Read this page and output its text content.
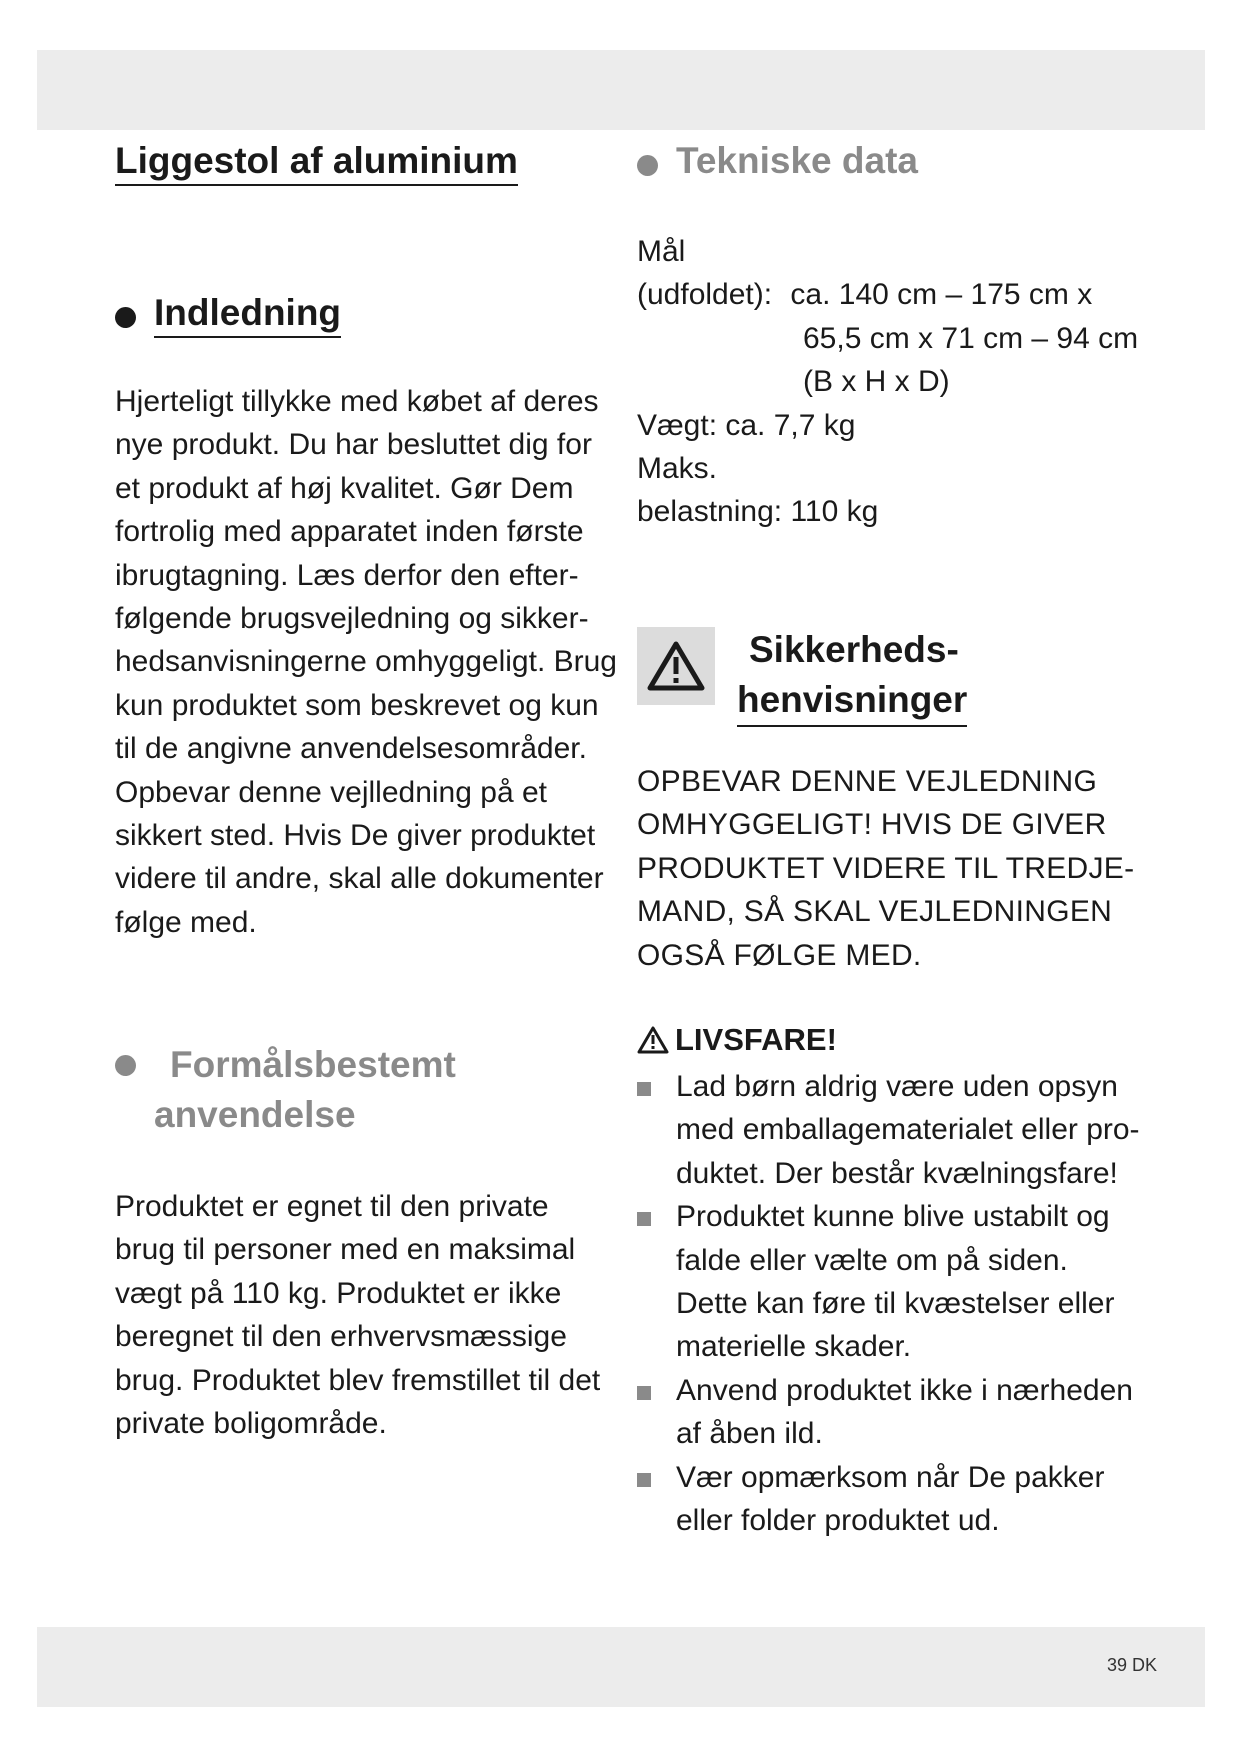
Liggestol af aluminium
Indledning

Hjerteligt tillykke med købet af deres
nye produkt. Du har besluttet dig for
et produkt af høj kvalitet. Gør Dem
fortrolig med apparatet inden første
ibrugtagning. Læs derfor den efter-
følgende brugsvejledning og sikker-
hedsanvisningerne omhyggeligt. Brug
kun produktet som beskrevet og kun
til de angivne anvendelsesområder.
Opbevar denne vejlledning på et
sikkert sted. Hvis De giver produktet
videre til andre, skal alle dokumenter
følge med.

Formålsbestemt
anvendelse

Produktet er egnet til den private
brug til personer med en maksimal
vægt på 110 kg. Produktet er ikke
beregnet til den erhvervsmæssige
brug. Produktet blev fremstillet til det
private boligområde.

Tekniske data
Mål
(udfoldet): ca. 140 cm – 175 cm x
65,5 cm x 71 cm – 94 cm
(B x H x D)
Vægt: ca. 7,7 kg
Maks.
belastning: 110 kg
Sikkerheds-
henvisninger

OPBEVAR DENNE VEJLEDNING
OMHYGGELIGT! HVIS DE GIVER
PRODUKTET VIDERE TIL TREDJE-
MAND, SÅ SKAL VEJLEDNINGEN
OGSÅ FØLGE MED.

LIVSFARE!
Lad børn aldrig være uden opsyn
med emballagematerialet eller pro-
duktet. Der består kvælningsfare!
Produktet kunne blive ustabilt og
falde eller vælte om på siden.
Dette kan føre til kvæstelser eller
materielle skader.
Anvend produktet ikke i nærheden
af åben ild.
Vær opmærksom når De pakker
eller folder produktet ud.
39 DK
